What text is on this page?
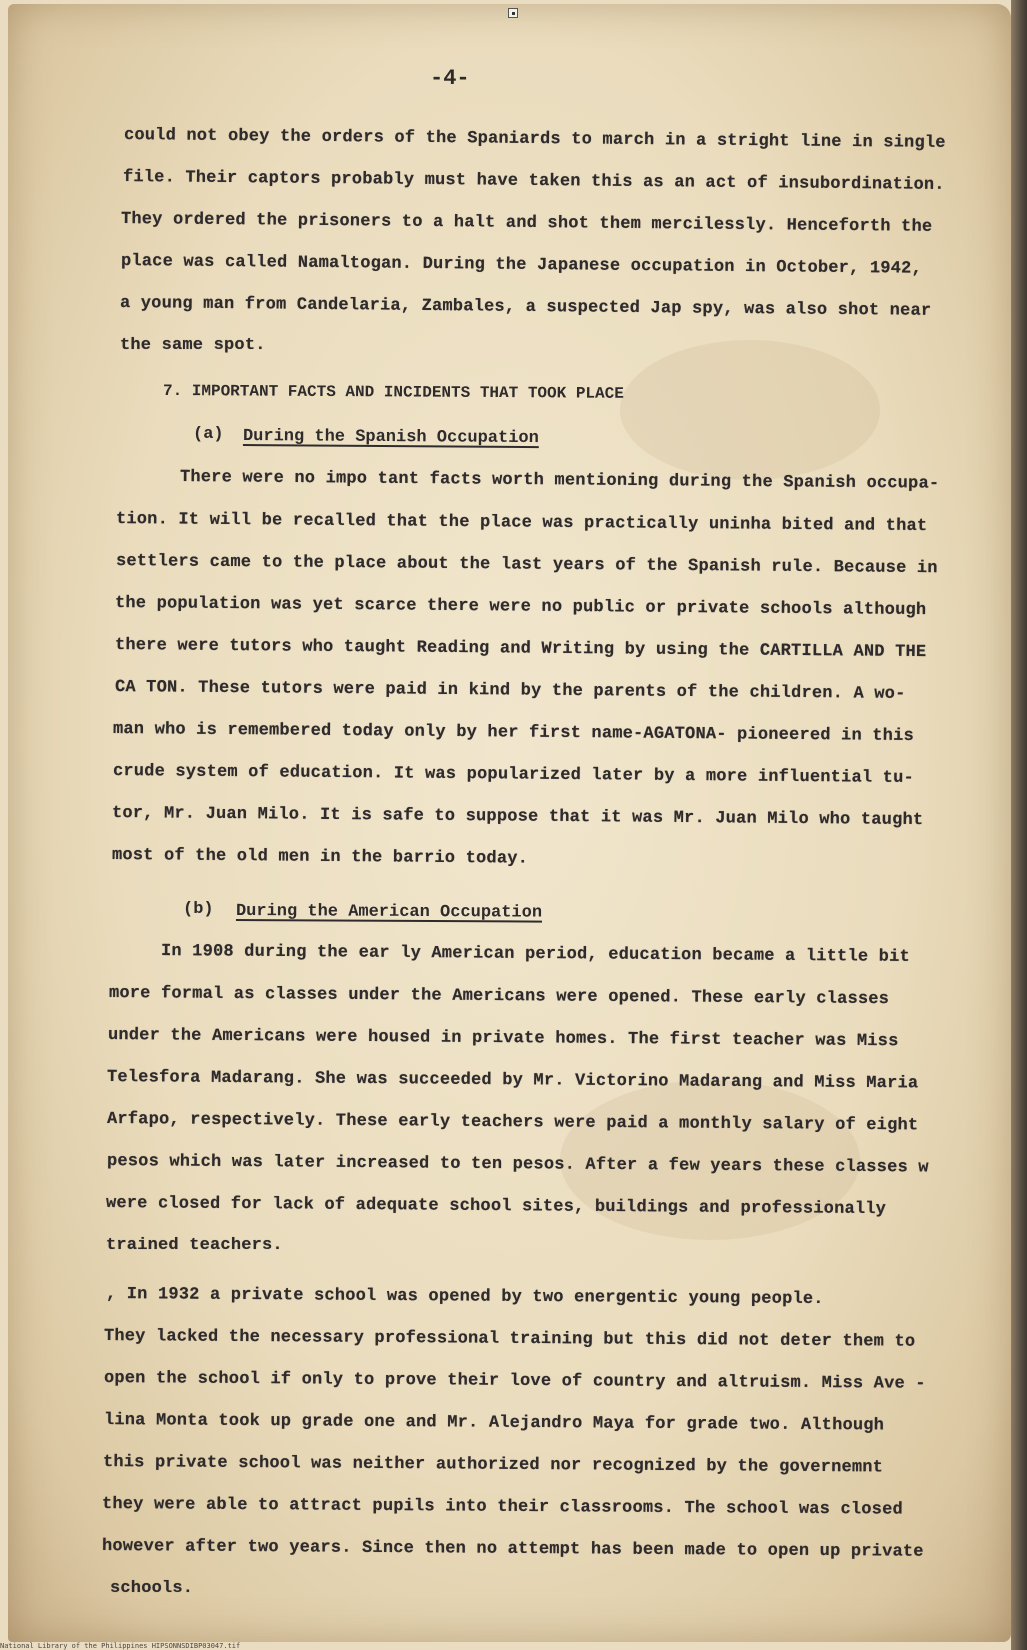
-4-
could not obey the orders of the Spaniards to march in a stright line in single
file. Their captors probably must have taken this as an act of insubordination.
They ordered the prisoners to a halt and shot them mercilessly. Henceforth the
place was called Namaltogan. During the Japanese occupation in October, 1942,
a young man from Candelaria, Zambales, a suspected Jap spy, was also shot near
the same spot.
7. IMPORTANT FACTS AND INCIDENTS THAT TOOK PLACE
(a) During the Spanish Occupation
There were no impo tant facts worth mentioning during the Spanish occupa-
tion. It will be recalled that the place was practically uninha bited and that
settlers came to the place about the last years of the Spanish rule. Because in
the population was yet scarce there were no public or private schools although
there were tutors who taught Reading and Writing by using the CARTILLA AND THE
CA TON. These tutors were paid in kind by the parents of the children. A wo-
man who is remembered today only by her first name-AGATONA- pioneered in this
crude system of education. It was popularized later by a more influential tu-
tor, Mr. Juan Milo. It is safe to suppose that it was Mr. Juan Milo who taught
most of the old men in the barrio today.
(b) During the American Occupation
In 1908 during the ear ly American period, education became a little bit
more formal as classes under the Americans were opened. These early classes
under the Americans were housed in private homes. The first teacher was Miss
Telesfora Madarang. She was succeeded by Mr. Victorino Madarang and Miss Maria
Arfapo, respectively. These early teachers were paid a monthly salary of eight
pesos which was later increased to ten pesos. After a few years these classes w
were closed for lack of adequate school sites, buildings and professionally
trained teachers.
, In 1932 a private school was opened by two energentic young people.
They lacked the necessary professional training but this did not deter them to
open the school if only to prove their love of country and altruism. Miss Ave -
lina Monta took up grade one and Mr. Alejandro Maya for grade two. Although
this private school was neither authorized nor recognized by the governemnt
they were able to attract pupils into their classrooms. The school was closed
however after two years. Since then no attempt has been made to open up private
schools.
National Library of the Philippines HIPSONNSDIBP03047.tif
